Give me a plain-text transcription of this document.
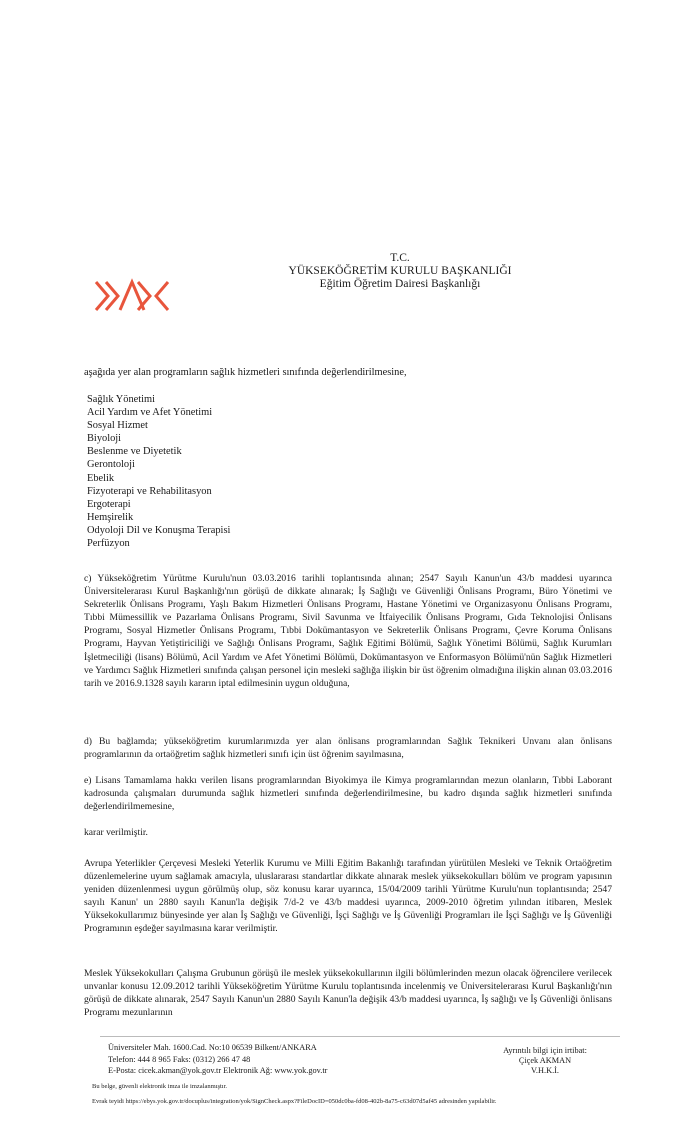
T.C.
YÜKSEKÖĞRETİM KURULU BAŞKANLIĞI
Eğitim Öğretim Dairesi Başkanlığı
aşağıda yer alan programların sağlık hizmetleri sınıfında değerlendirilmesine,
Sağlık Yönetimi
Acil Yardım ve Afet Yönetimi
Sosyal Hizmet
Biyoloji
Beslenme ve Diyetetik
Gerontoloji
Ebelik
Fizyoterapi ve Rehabilitasyon
Ergoterapi
Hemşirelik
Odyoloji Dil ve Konuşma Terapisi
Perfüzyon

c) Yükseköğretim Yürütme Kurulu'nun 03.03.2016 tarihli toplantısında alınan; 2547 Sayılı Kanun'un 43/b maddesi uyarınca Üniversitelerarası Kurul Başkanlığı'nın görüşü de dikkate alınarak; İş Sağlığı ve Güvenliği Önlisans Programı, Büro Yönetimi ve Sekreterlik Önlisans Programı, Yaşlı Bakım Hizmetleri Önlisans Programı, Hastane Yönetimi ve Organizasyonu Önlisans Programı, Tıbbi Mümessillik ve Pazarlama Önlisans Programı, Sivil Savunma ve İtfaiyecilik Önlisans Programı, Gıda Teknolojisi Önlisans Programı, Sosyal Hizmetler Önlisans Programı, Tıbbi Dokümantasyon ve Sekreterlik Önlisans Programı, Çevre Koruma Önlisans Programı, Hayvan Yetiştiriciliği ve Sağlığı Önlisans Programı, Sağlık Eğitimi Bölümü, Sağlık Yönetimi Bölümü, Sağlık Kurumları İşletmeciliği (lisans) Bölümü, Acil Yardım ve Afet Yönetimi Bölümü, Dokümantasyon ve Enformasyon Bölümü'nün Sağlık Hizmetleri ve Yardımcı Sağlık Hizmetleri sınıfında çalışan personel için mesleki sağlığa ilişkin bir üst öğrenim olmadığına ilişkin alınan 03.03.2016 tarih ve 2016.9.1328 sayılı kararın iptal edilmesinin uygun olduğuna,

d) Bu bağlamda; yükseköğretim kurumlarımızda yer alan önlisans programlarından Sağlık Teknikeri Unvanı alan önlisans programlarının da ortaöğretim sağlık hizmetleri sınıfı için üst öğrenim sayılmasına,

e) Lisans Tamamlama hakkı verilen lisans programlarından Biyokimya ile Kimya programlarından mezun olanların, Tıbbi Laborant kadrosunda çalışmaları durumunda sağlık hizmetleri sınıfında değerlendirilmesine, bu kadro dışında sağlık hizmetleri sınıfında değerlendirilmemesine,

karar verilmiştir.

Avrupa Yeterlikler Çerçevesi Mesleki Yeterlik Kurumu ve Milli Eğitim Bakanlığı tarafından yürütülen Mesleki ve Teknik Ortaöğretim düzenlemelerine uyum sağlamak amacıyla, uluslararası standartlar dikkate alınarak meslek yüksekokulları bölüm ve program yapısının yeniden düzenlenmesi uygun görülmüş olup, söz konusu karar uyarınca, 15/04/2009 tarihli Yürütme Kurulu'nun toplantısında; 2547 sayılı Kanun' un 2880 sayılı Kanun'la değişik 7/d-2 ve 43/b maddesi uyarınca, 2009-2010 öğretim yılından itibaren, Meslek Yüksekokullarımız bünyesinde yer alan İş Sağlığı ve Güvenliği, İşçi Sağlığı ve İş Güvenliği Programları ile İşçi Sağlığı ve İş Güvenliği Programının eşdeğer sayılmasına karar verilmiştir.

Meslek Yüksekokulları Çalışma Grubunun görüşü ile meslek yüksekokullarının ilgili bölümlerinden mezun olacak öğrencilere verilecek unvanlar konusu 12.09.2012 tarihli Yükseköğretim Yürütme Kurulu toplantısında incelenmiş ve Üniversitelerarası Kurul Başkanlığı'nın görüşü de dikkate alınarak, 2547 Sayılı Kanun'un 2880 Sayılı Kanun'la değişik 43/b maddesi uyarınca, İş sağlığı ve İş Güvenliği önlisans Programı mezunlarının

Üniversiteler Mah. 1600.Cad. No:10 06539 Bilkent/ANKARA
Telefon: 444 8 965 Faks: (0312) 266 47 48
E-Posta: cicek.akman@yok.gov.tr Elektronik Ağ: www.yok.gov.tr
Ayrıntılı bilgi için irtibat:
Çiçek AKMAN
V.H.K.İ.
Bu belge, güvenli elektronik imza ile imzalanmıştır.
Evrak teyidi https://ebys.yok.gov.tr/docuplus/integration/yok/SignCheck.aspx?FileDocID=050dc0ba-fd08-402b-8a75-c63d07d5af45 adresinden yapılabilir.
